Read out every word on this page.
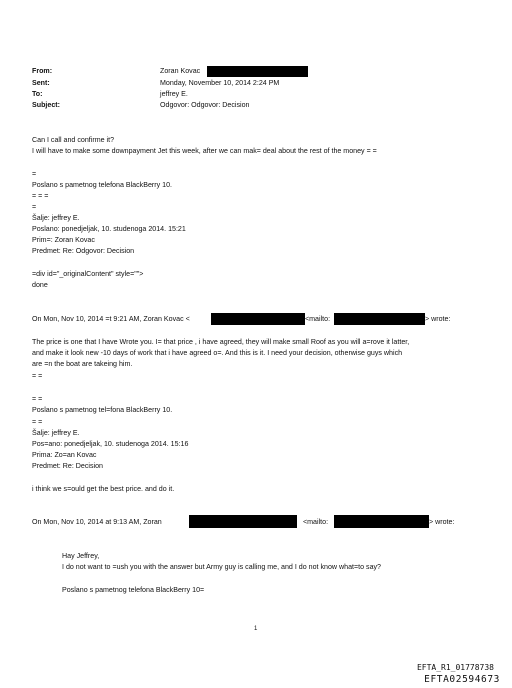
From:	Zoran Kovac
Sent:	Monday, November 10, 2014 2:24 PM
To:	jeffrey E.
Subject:	Odgovor: Odgovor: Decision
Can I call and confirme it?
I will have to make some downpayment Jet this week, after we can mak= deal about the rest of the money = =
=
Poslano s pametnog telefona BlackBerry 10.
= = =
=
Šalje: jeffrey E.
Poslano: ponedjeljak, 10. studenoga 2014. 15:21
Prim=: Zoran Kovac
Predmet: Re: Odgovor: Decision
=div id="_originalContent" style="">
done
On Mon, Nov 10, 2014 =t 9:21 AM, Zoran Kovac <	<mailto:	> wrote:
The price is one that I have Wrote you. I= that price , i have agreed, they will make small Roof as you will a=rove it latter,
and make it look new -10 days of work that i have agreed o=. And this is it. I need your decision, otherwise guys which
are =n the boat are takeing him.
= =
= =
Poslano s pametnog tel=fona BlackBerry 10.
= =
Šalje: jeffrey E.
Pos=ano: ponedjeljak, 10. studenoga 2014. 15:16
Prima: Zo=an Kovac
Predmet: Re: Decision
i think we s=ould get the best price. and do it.
On Mon, Nov 10, 2014 at 9:13 AM, Zoran	<mailto:	> wrote:
Hay Jeffrey,
I do not want to =ush you with the answer but Army guy is calling me, and I do not know what=to say?
Poslano s pametnog telefona BlackBerry 10=
1
EFTA_R1_01778738
EFTA02594673
